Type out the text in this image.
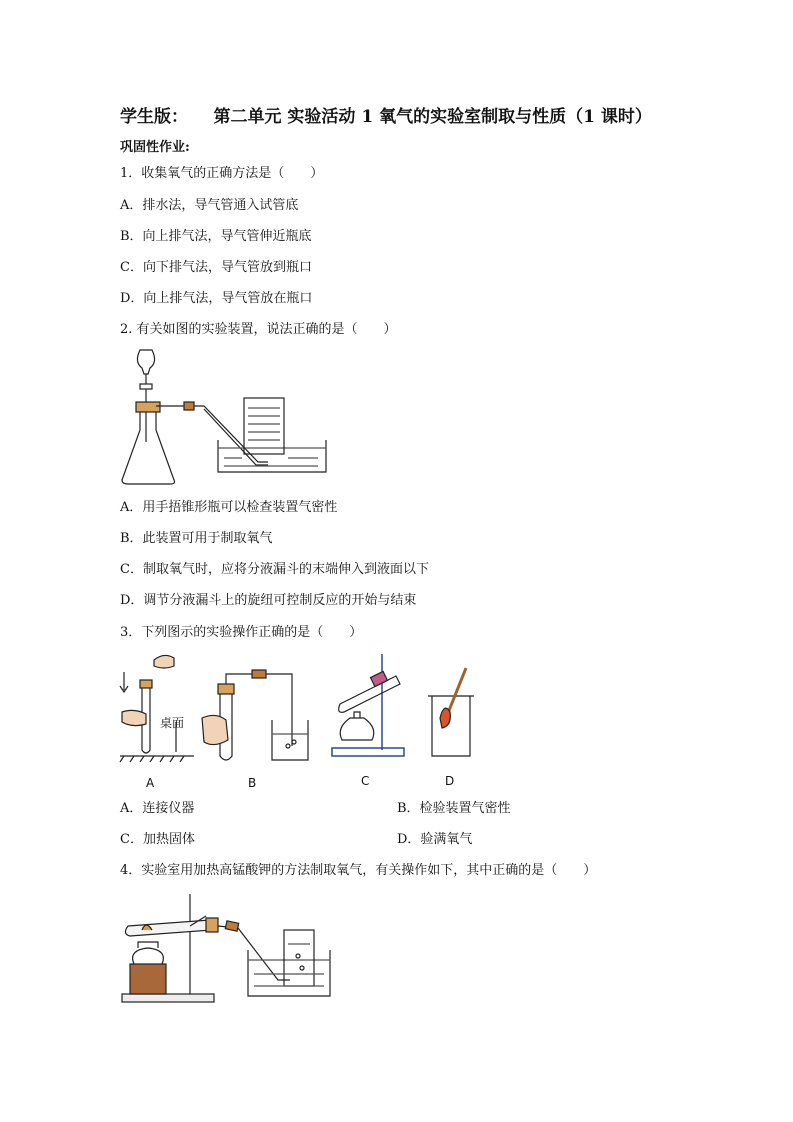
学生版：　　第二单元 实验活动 1 氧气的实验室制取与性质（1 课时）
巩固性作业:
1．收集氧气的正确方法是（　　）
A．排水法，导气管通入试管底
B．向上排气法，导气管伸近瓶底
C．向下排气法，导气管放到瓶口
D．向上排气法，导气管放在瓶口
2. 有关如图的实验装置，说法正确的是（　　）
A．用手捂锥形瓶可以检查装置气密性
B．此装置可用于制取氧气
C．制取氧气时，应将分液漏斗的末端伸入到液面以下
D．调节分液漏斗上的旋纽可控制反应的开始与结束
3．下列图示的实验操作正确的是（　　）
桌面
A	B	C	D
A．连接仪器	B．检验装置气密性
C．加热固体	D．验满氧气
4．实验室用加热高锰酸钾的方法制取氧气，有关操作如下，其中正确的是（　　）
